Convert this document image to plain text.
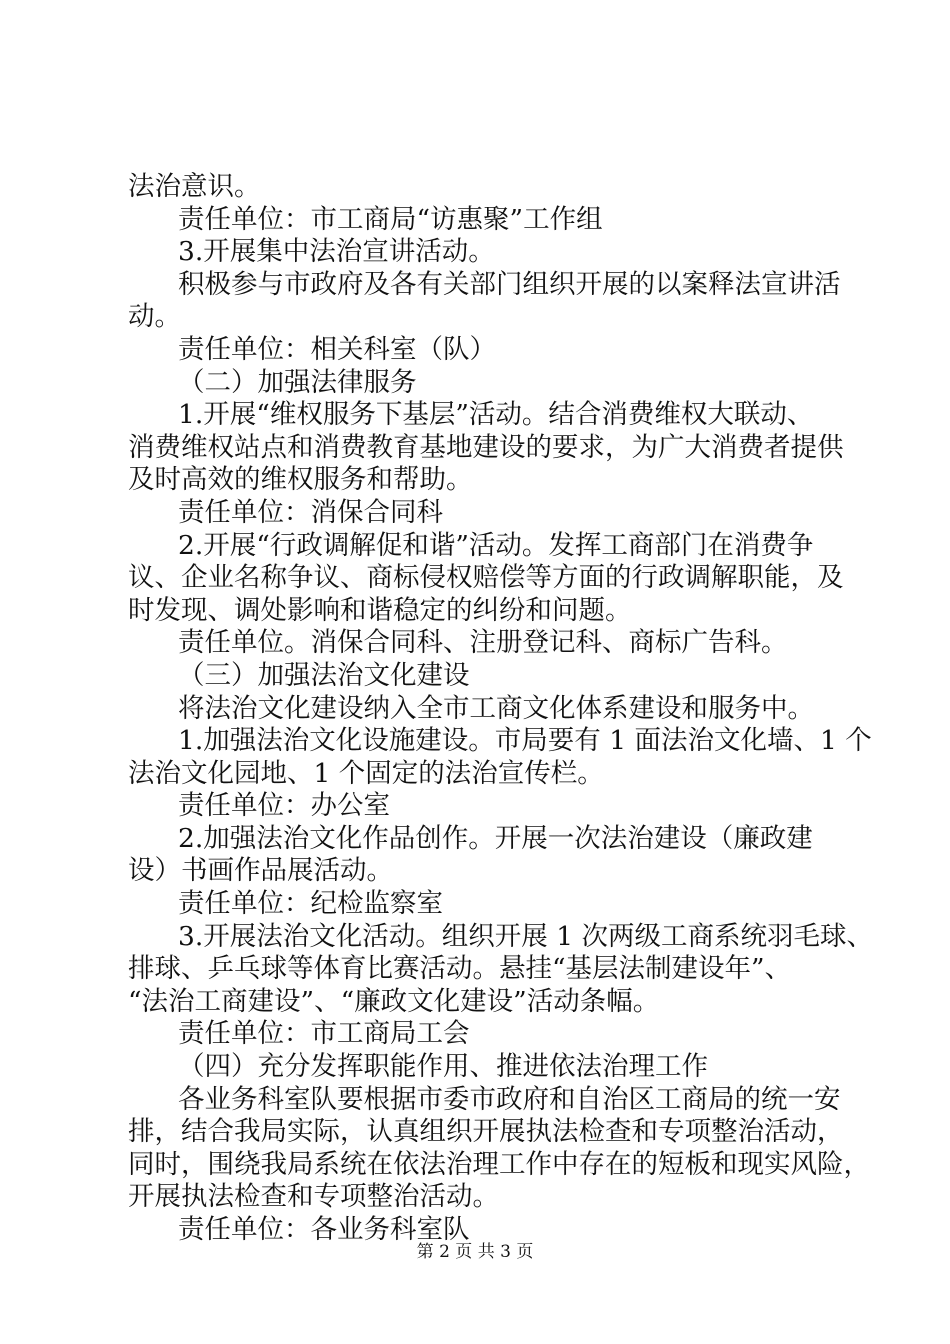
法治意识。

责任单位：市工商局“访惠聚”工作组

3.开展集中法治宣讲活动。

积极参与市政府及各有关部门组织开展的以案释法宣讲活

动。

责任单位：相关科室（队）

（二）加强法律服务

1.开展“维权服务下基层”活动。结合消费维权大联动、

消费维权站点和消费教育基地建设的要求，为广大消费者提供

及时高效的维权服务和帮助。

责任单位：消保合同科

2.开展“行政调解促和谐”活动。发挥工商部门在消费争

议、企业名称争议、商标侵权赔偿等方面的行政调解职能，及

时发现、调处影响和谐稳定的纠纷和问题。

责任单位。消保合同科、注册登记科、商标广告科。

（三）加强法治文化建设

将法治文化建设纳入全市工商文化体系建设和服务中。

1.加强法治文化设施建设。市局要有 1 面法治文化墙、1 个

法治文化园地、1 个固定的法治宣传栏。

责任单位：办公室

2.加强法治文化作品创作。开展一次法治建设（廉政建

设）书画作品展活动。

责任单位：纪检监察室

3.开展法治文化活动。组织开展 1 次两级工商系统羽毛球、

排球、乒乓球等体育比赛活动。悬挂“基层法制建设年”、

“法治工商建设”、“廉政文化建设”活动条幅。

责任单位：市工商局工会

（四）充分发挥职能作用、推进依法治理工作

各业务科室队要根据市委市政府和自治区工商局的统一安

排，结合我局实际，认真组织开展执法检查和专项整治活动，

同时，围绕我局系统在依法治理工作中存在的短板和现实风险，

开展执法检查和专项整治活动。

责任单位：各业务科室队

第 2 页 共 3 页
